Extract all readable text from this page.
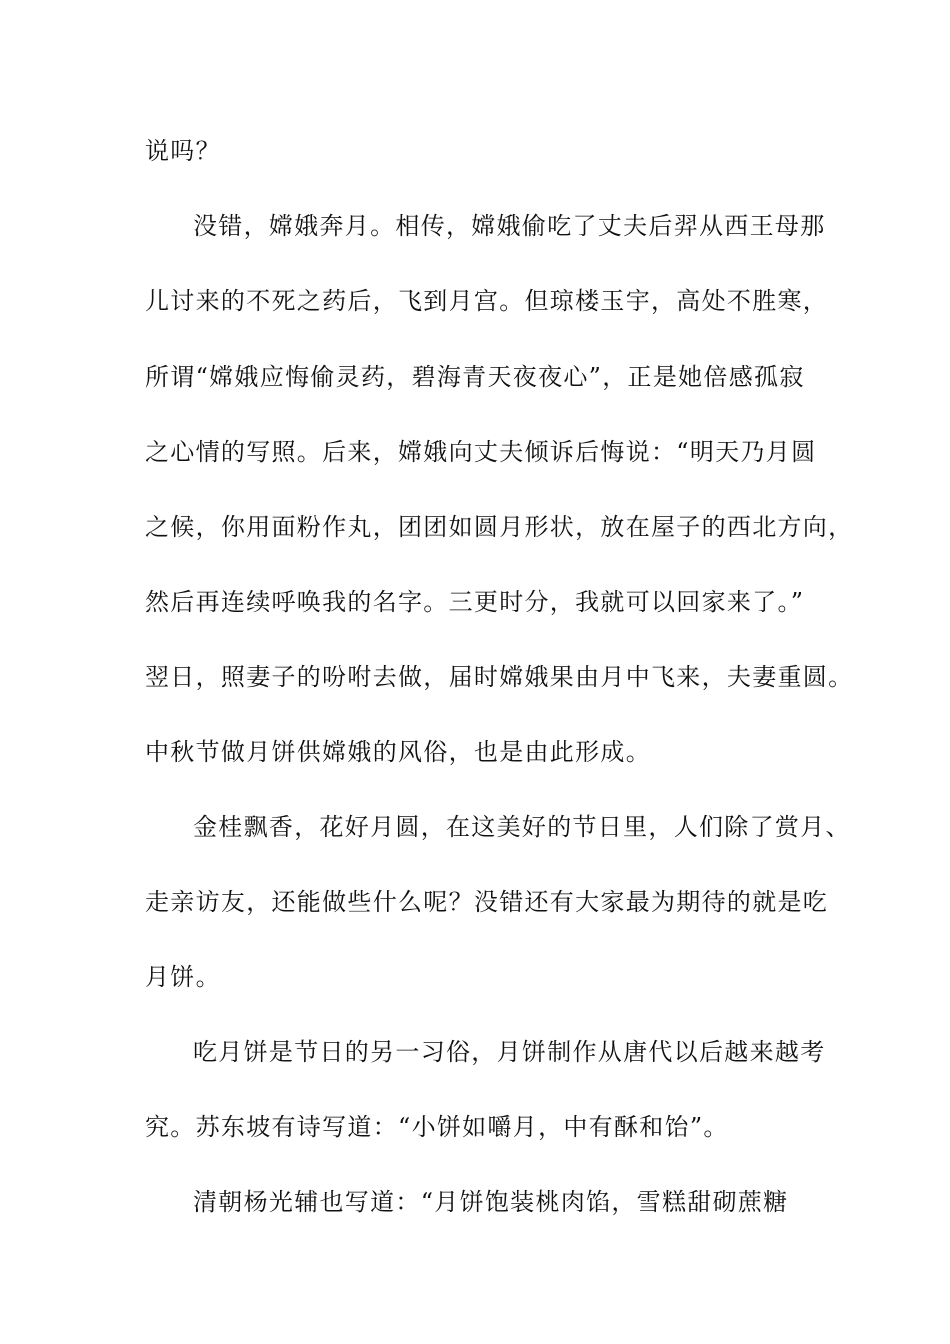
说吗？
没错，嫦娥奔月。相传，嫦娥偷吃了丈夫后羿从西王母那
儿讨来的不死之药后，飞到月宫。但琼楼玉宇，高处不胜寒，
所谓“嫦娥应悔偷灵药，碧海青天夜夜心”，正是她倍感孤寂
之心情的写照。后来，嫦娥向丈夫倾诉后悔说：“明天乃月圆
之候，你用面粉作丸，团团如圆月形状，放在屋子的西北方向，
然后再连续呼唤我的名字。三更时分，我就可以回家来了。”
翌日，照妻子的吩咐去做，届时嫦娥果由月中飞来，夫妻重圆。
中秋节做月饼供嫦娥的风俗，也是由此形成。
金桂飘香，花好月圆，在这美好的节日里，人们除了赏月、
走亲访友，还能做些什么呢？没错还有大家最为期待的就是吃
月饼。
吃月饼是节日的另一习俗，月饼制作从唐代以后越来越考
究。苏东坡有诗写道：“小饼如嚼月，中有酥和饴”。
清朝杨光辅也写道：“月饼饱装桃肉馅，雪糕甜砌蔗糖
